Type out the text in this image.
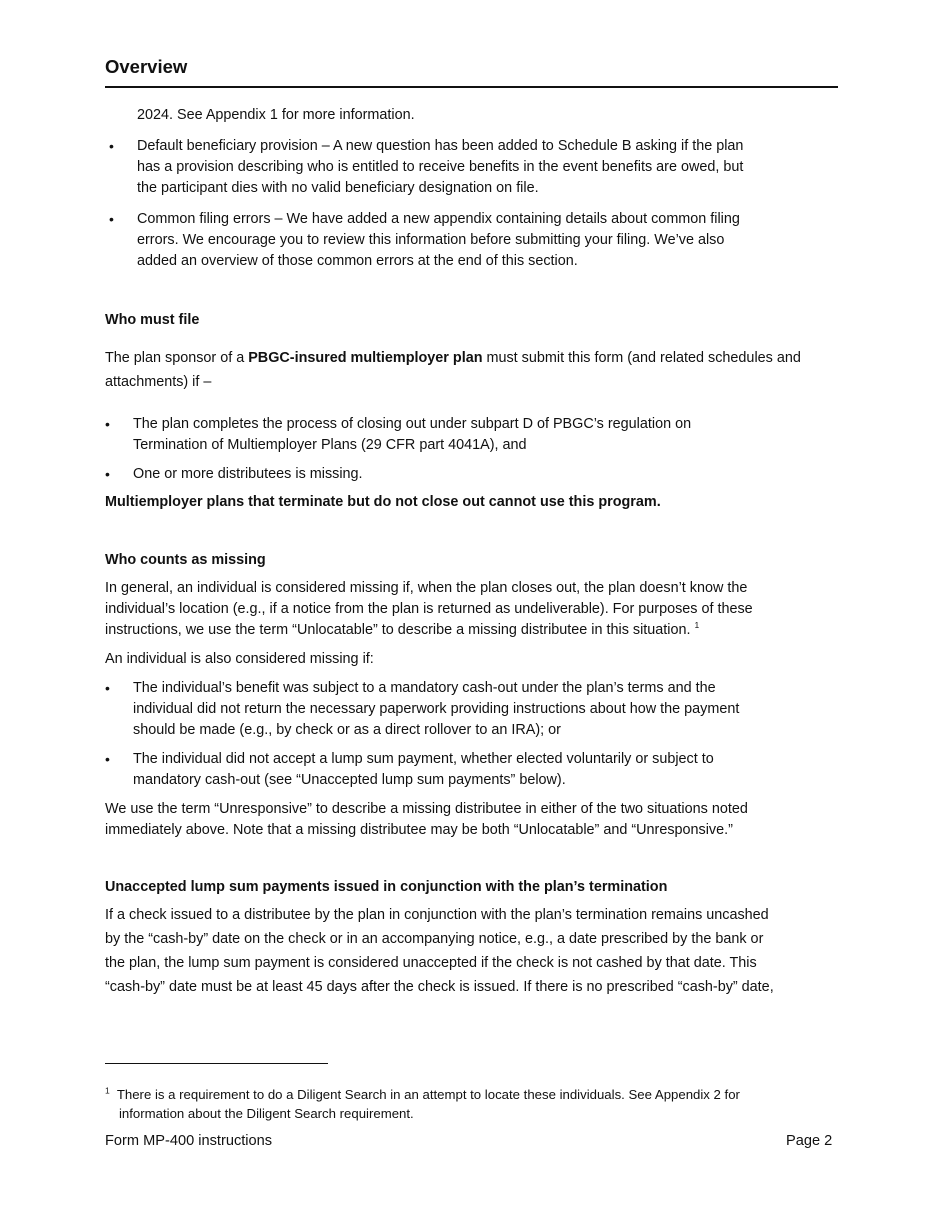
Overview

2024. See Appendix 1 for more information.

• Default beneficiary provision – A new question has been added to Schedule B asking if the plan

has a provision describing who is entitled to receive benefits in the event benefits are owed, but

the participant dies with no valid beneficiary designation on file.

• Common filing errors – We have added a new appendix containing details about common filing

errors. We encourage you to review this information before submitting your filing. We’ve also

added an overview of those common errors at the end of this section.

Who must file

The plan sponsor of a PBGC-insured multiemployer plan must submit this form (and related schedules and

attachments) if –

• The plan completes the process of closing out under subpart D of PBGC’s regulation on

Termination of Multiemployer Plans (29 CFR part 4041A), and

• One or more distributees is missing.

Multiemployer plans that terminate but do not close out cannot use this program.

Who counts as missing

In general, an individual is considered missing if, when the plan closes out, the plan doesn’t know the

individual’s location (e.g., if a notice from the plan is returned as undeliverable). For purposes of these

instructions, we use the term “Unlocatable” to describe a missing distributee in this situation. $^1$

An individual is also considered missing if:

• The individual’s benefit was subject to a mandatory cash-out under the plan’s terms and the

individual did not return the necessary paperwork providing instructions about how the payment

should be made (e.g., by check or as a direct rollover to an IRA); or

• The individual did not accept a lump sum payment, whether elected voluntarily or subject to

mandatory cash-out (see “Unaccepted lump sum payments” below).

We use the term “Unresponsive” to describe a missing distributee in either of the two situations noted

immediately above. Note that a missing distributee may be both “Unlocatable” and “Unresponsive.”

Unaccepted lump sum payments issued in conjunction with the plan’s termination

If a check issued to a distributee by the plan in conjunction with the plan’s termination remains uncashed

by the “cash-by” date on the check or in an accompanying notice, e.g., a date prescribed by the bank or

the plan, the lump sum payment is considered unaccepted if the check is not cashed by that date. This

“cash-by” date must be at least 45 days after the check is issued. If there is no prescribed “cash-by” date,

$^1$ There is a requirement to do a Diligent Search in an attempt to locate these individuals. See Appendix 2 for

information about the Diligent Search requirement.

Form MP-400 instructions	Page 2
